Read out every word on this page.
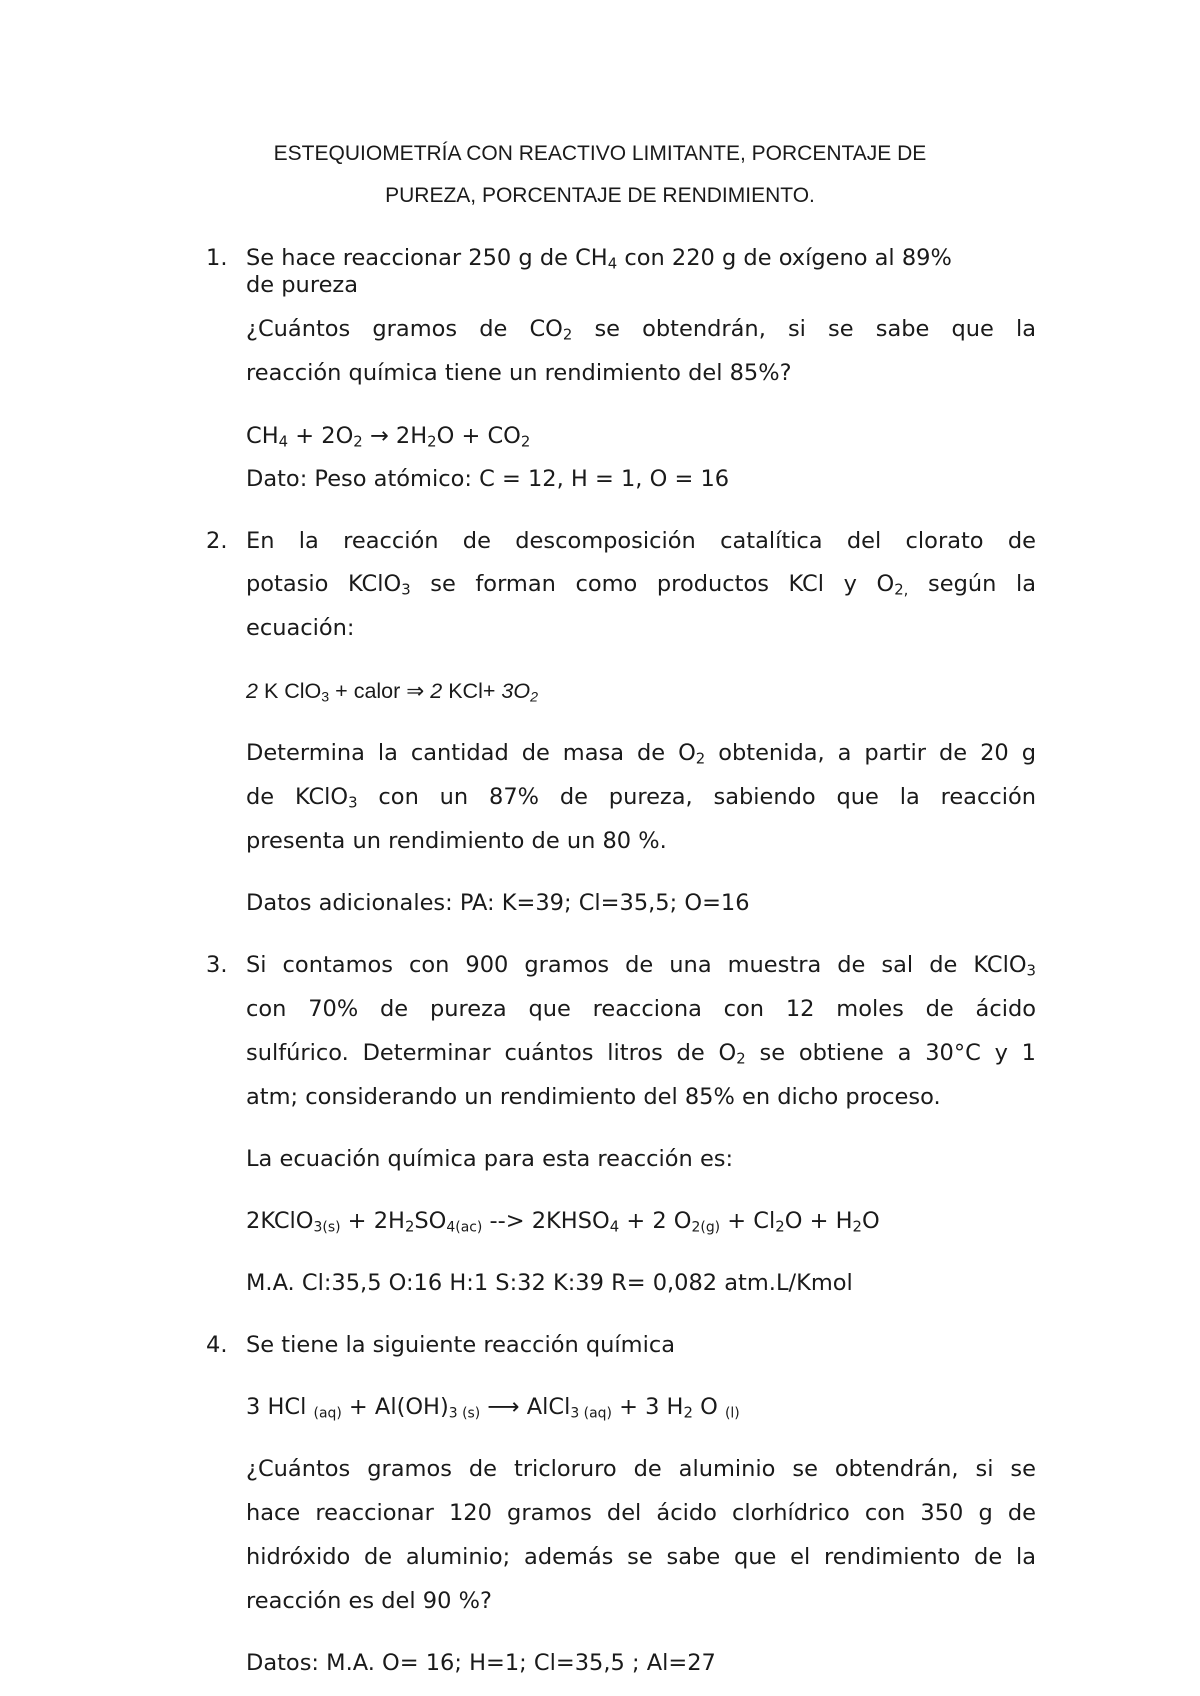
ESTEQUIOMETRÍA CON REACTIVO LIMITANTE, PORCENTAJE DE
PUREZA, PORCENTAJE DE RENDIMIENTO.
1. Se hace reaccionar 250 g de $CH_4$ con 220 g de oxígeno al 89%
de pureza
¿Cuántos gramos de $CO_2$ se obtendrán, si se sabe que la
reacción química tiene un rendimiento del 85%?
$CH_4 + 2O_2 \to 2H_2O + CO_2$
Dato: Peso atómico: C = 12, H = 1, O = 16
2. En la reacción de descomposición catalítica del clorato de
potasio KClO$_3$ se forman como productos KCl y $O_{2,}$ según la
ecuación:
2 K ClO$_3$ + calor ⇒ 2 $KCl+ 3O_2$
Determina la cantidad de masa de $O_2$ obtenida, a partir de 20 g
de KClO$_3$ con un 87% de pureza, sabiendo que la reacción
presenta un rendimiento de un 80 %.
Datos adicionales: PA: K=39; Cl=35,5; O=16
3. Si contamos con 900 gramos de una muestra de sal de KClO$_3$
con 70% de pureza que reacciona con 12 moles de ácido
sulfúrico. Determinar cuántos litros de $O_2$ se obtiene a 30°C y 1
atm; considerando un rendimiento del 85% en dicho proceso.
La ecuación química para esta reacción es:
2KClO3(s) + $2H_2SO4(ac)$ --> $2KHSO_4 + 2$ $O2(g) + Cl_2O + H_2O$
M.A. Cl:35,5 O:16 H:1 S:32 K:39 R= 0,082 atm.L/Kmol
4. Se tiene la siguiente reacción química
3 HCl (aq) + Al(OH)3 (s) ⟶ AlCl3 (aq) + 3 $H_2$ O (l)
¿Cuántos gramos de tricloruro de aluminio se obtendrán, si se
hace reaccionar 120 gramos del ácido clorhídrico con 350 g de
hidróxido de aluminio; además se sabe que el rendimiento de la
reacción es del 90 %?
Datos: M.A. O= 16; H=1; Cl=35,5 ; Al=27
